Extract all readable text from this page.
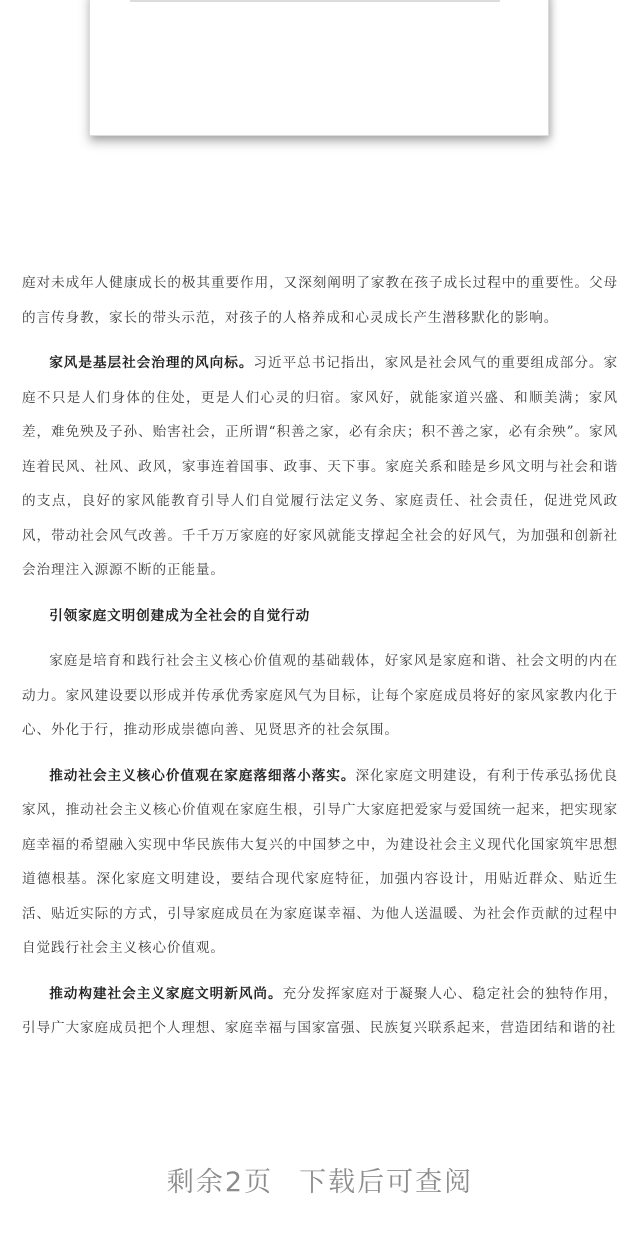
庭对未成年人健康成长的极其重要作用，又深刻阐明了家教在孩子成长过程中的重要性。父母的言传身教，家长的带头示范，对孩子的人格养成和心灵成长产生潜移默化的影响。

家风是基层社会治理的风向标。习近平总书记指出，家风是社会风气的重要组成部分。家庭不只是人们身体的住处，更是人们心灵的归宿。家风好，就能家道兴盛、和顺美满；家风差，难免殃及子孙、贻害社会，正所谓“积善之家，必有余庆；积不善之家，必有余殃”。家风连着民风、社风、政风，家事连着国事、政事、天下事。家庭关系和睦是乡风文明与社会和谐的支点，良好的家风能教育引导人们自觉履行法定义务、家庭责任、社会责任，促进党风政风，带动社会风气改善。千千万万家庭的好家风就能支撑起全社会的好风气，为加强和创新社会治理注入源源不断的正能量。

引领家庭文明创建成为全社会的自觉行动

家庭是培育和践行社会主义核心价值观的基础载体，好家风是家庭和谐、社会文明的内在动力。家风建设要以形成并传承优秀家庭风气为目标，让每个家庭成员将好的家风家教内化于心、外化于行，推动形成崇德向善、见贤思齐的社会氛围。

推动社会主义核心价值观在家庭落细落小落实。深化家庭文明建设，有利于传承弘扬优良家风，推动社会主义核心价值观在家庭生根，引导广大家庭把爱家与爱国统一起来，把实现家庭幸福的希望融入实现中华民族伟大复兴的中国梦之中，为建设社会主义现代化国家筑牢思想道德根基。深化家庭文明建设，要结合现代家庭特征，加强内容设计，用贴近群众、贴近生活、贴近实际的方式，引导家庭成员在为家庭谋幸福、为他人送温暖、为社会作贡献的过程中自觉践行社会主义核心价值观。

推动构建社会主义家庭文明新风尚。充分发挥家庭对于凝聚人心、稳定社会的独特作用，引导广大家庭成员把个人理想、家庭幸福与国家富强、民族复兴联系起来，营造团结和谐的社

剩余2页 下载后可查阅
